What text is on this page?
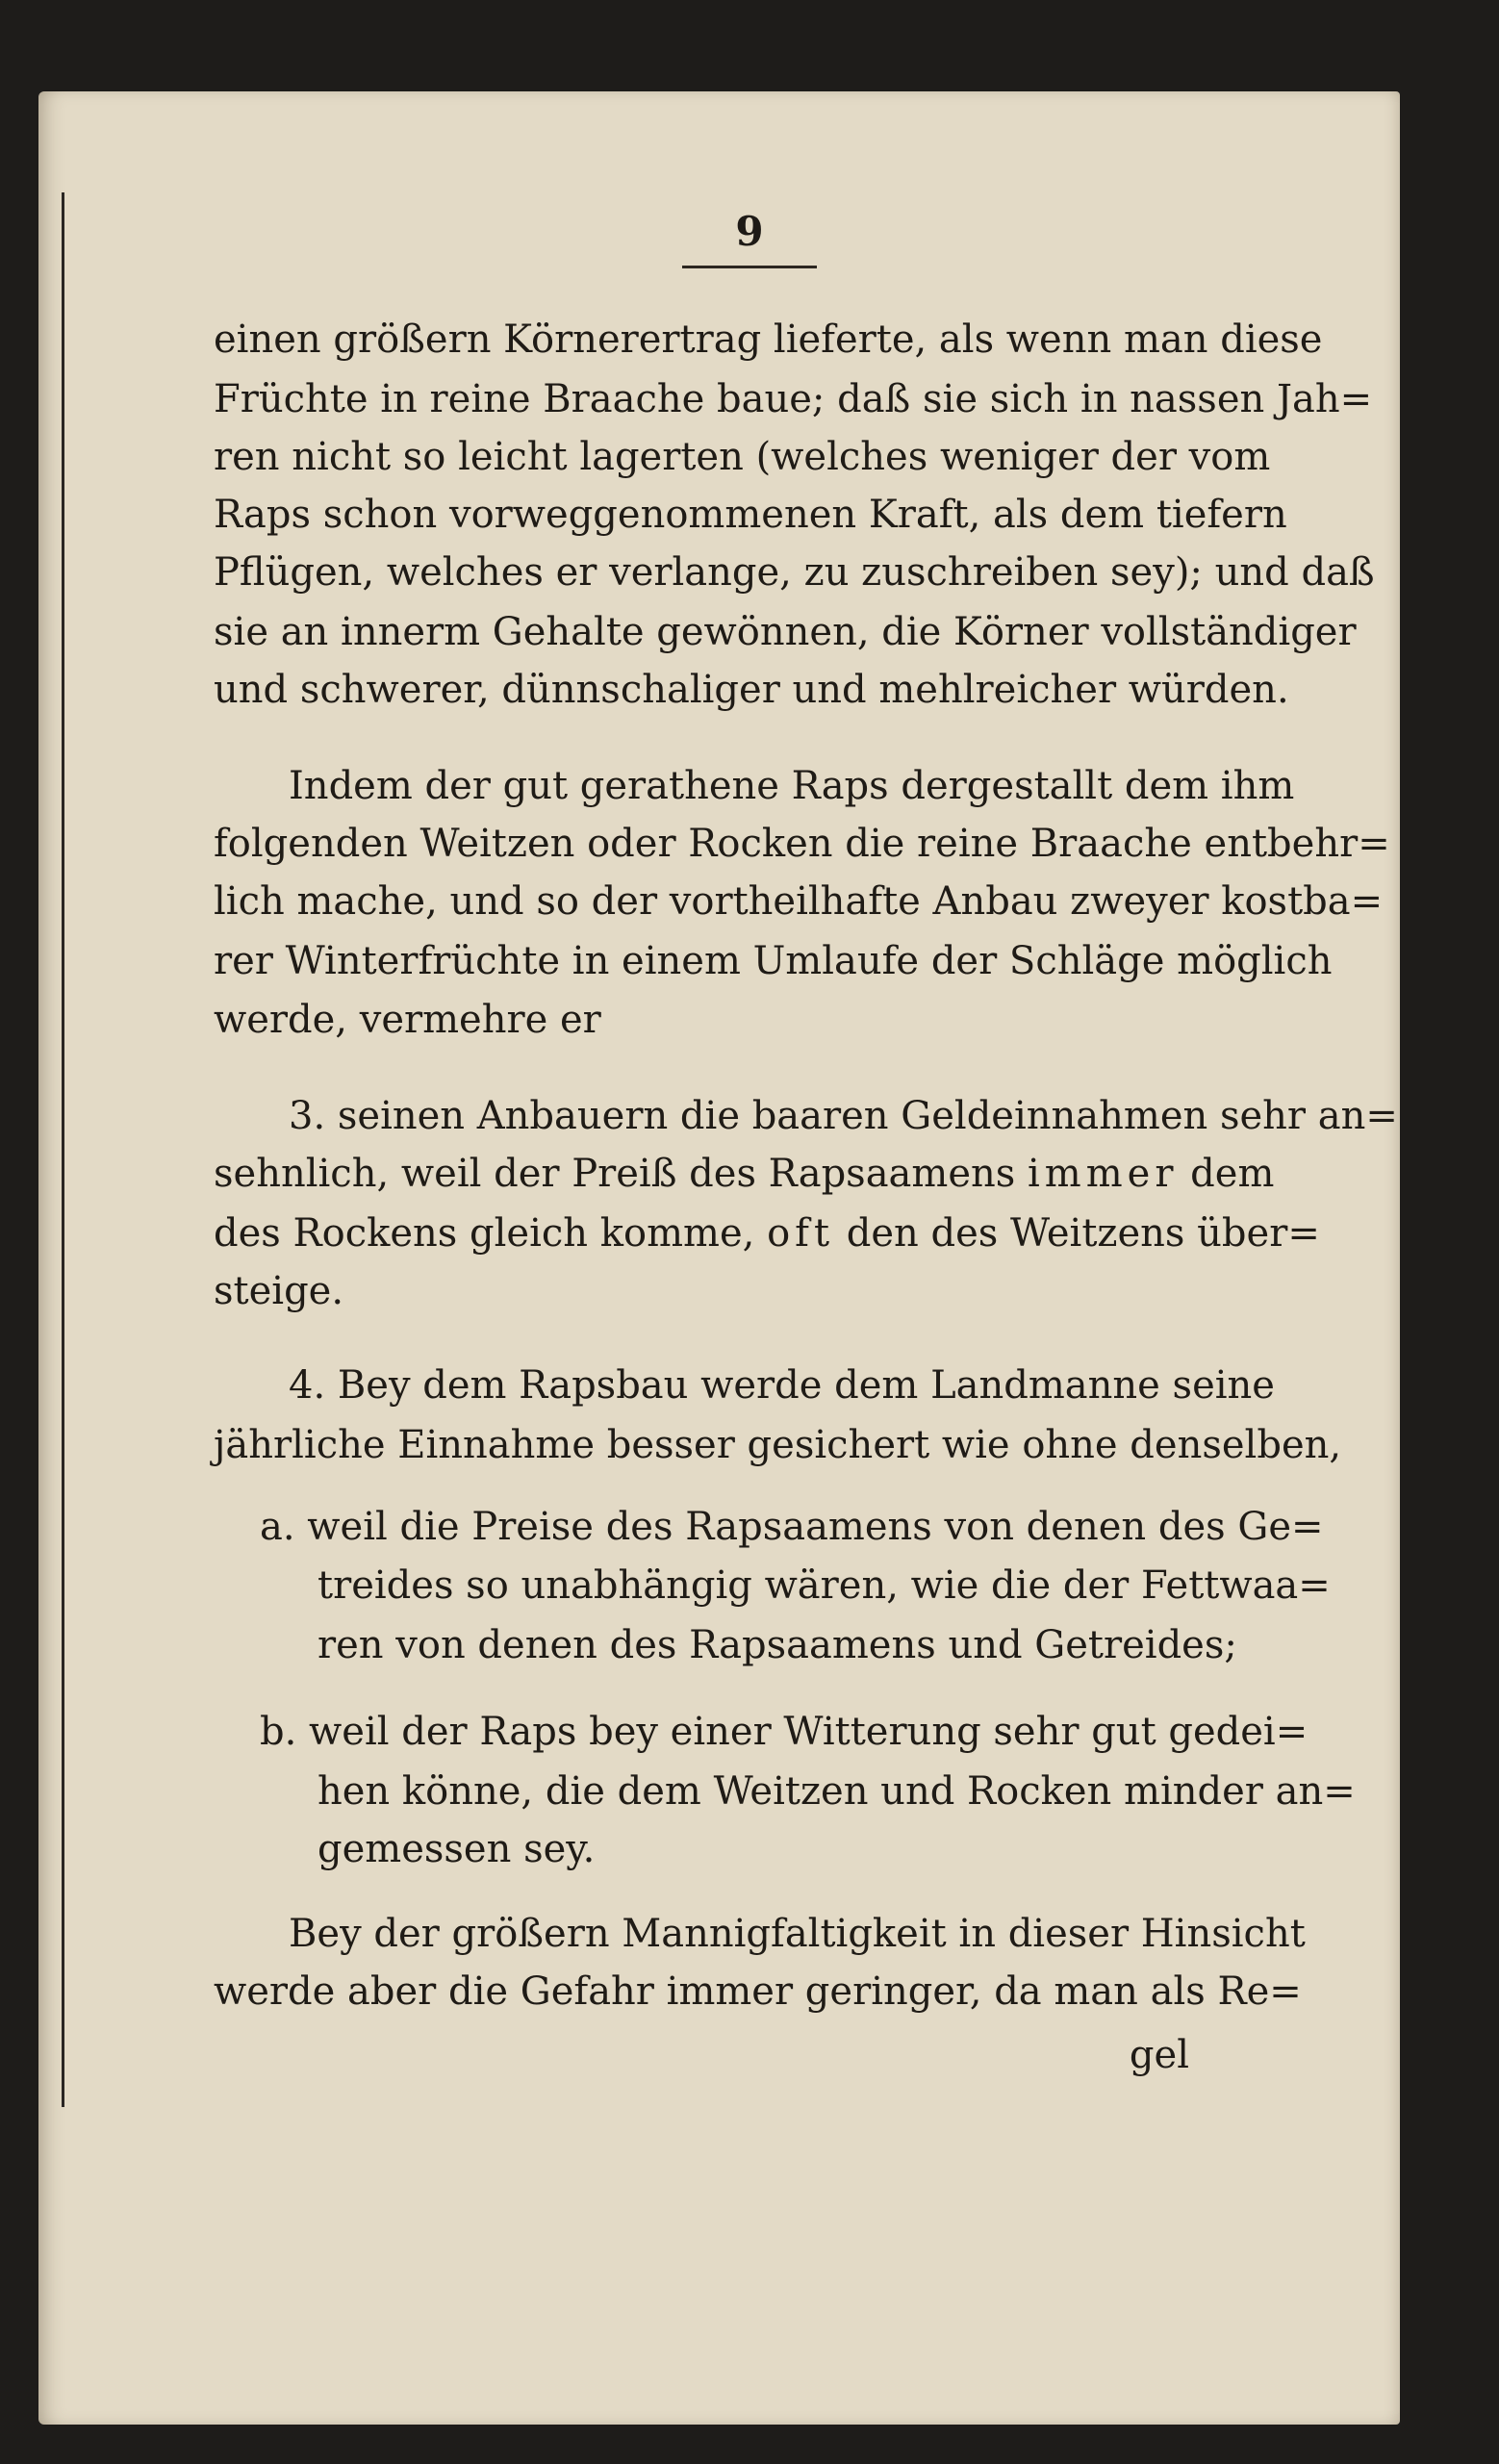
9
einen größern Körnerertrag lieferte, als wenn man diese
Früchte in reine Braache baue; daß sie sich in nassen Jah=
ren nicht so leicht lagerten (welches weniger der vom
Raps schon vorweggenommenen Kraft, als dem tiefern
Pflügen, welches er verlange, zu zuschreiben sey); und daß
sie an innerm Gehalte gewönnen, die Körner vollständiger
und schwerer, dünnschaliger und mehlreicher würden.
Indem der gut gerathene Raps dergestallt dem ihm
folgenden Weitzen oder Rocken die reine Braache entbehr=
lich mache, und so der vortheilhafte Anbau zweyer kostba=
rer Winterfrüchte in einem Umlaufe der Schläge möglich
werde, vermehre er
3. seinen Anbauern die baaren Geldeinnahmen sehr an=
sehnlich, weil der Preiß des Rapsaamens immer dem
des Rockens gleich komme, oft den des Weitzens über=
steige.
4. Bey dem Rapsbau werde dem Landmanne seine
jährliche Einnahme besser gesichert wie ohne denselben,
a. weil die Preise des Rapsaamens von denen des Ge=
treides so unabhängig wären, wie die der Fettwaa=
ren von denen des Rapsaamens und Getreides;
b. weil der Raps bey einer Witterung sehr gut gedei=
hen könne, die dem Weitzen und Rocken minder an=
gemessen sey.
Bey der größern Mannigfaltigkeit in dieser Hinsicht
werde aber die Gefahr immer geringer, da man als Re=
gel
